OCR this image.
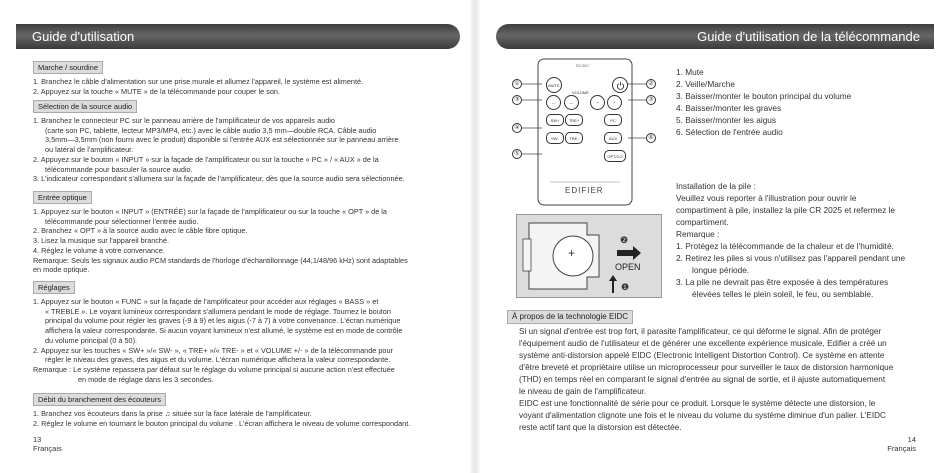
Guide d'utilisation
Marche / sourdine

1. Branchez le câble d'alimentation sur une prise murale et allumez l'appareil, le système est alimenté.

2. Appuyez sur la touche « MUTE » de la télécommande pour couper le son.

Sélection de la source audio

1. Branchez le connecteur PC sur le panneau arrière de l'amplificateur de vos appareils audio

(carte son PC, tablette, lecteur MP3/MP4, etc.) avec le câble audio 3,5 mm—double RCA. Câble audio

3,5mm—3,5mm (non fourni avec le produit) disponible si l'entrée AUX est sélectionnée sur le panneau arrière

ou latéral de l'amplificateur.

2. Appuyez sur le bouton « INPUT » sur la façade de l'amplificateur ou sur la touche « PC » / « AUX » de la

télécommande pour basculer la source audio.

3. L'indicateur correspondant s'allumera sur la façade de l'amplificateur, dès que la source audio sera sélectionnée.

Entrée optique

1. Appuyez sur le bouton « INPUT » (ENTRÉE) sur la façade de l'amplificateur ou sur la touche « OPT » de la

télécommande pour sélectionner l'entrée audio.

2. Branchez « OPT » à la source audio avec le câble fibre optique.

3. Lisez la musique sur l'appareil branché.

4. Réglez le volume à votre convenance.

Remarque: Seuls les signaux audio PCM standards de l'horloge d'échantillonnage (44,1/48/96 kHz) sont adaptables

en mode optique.

Réglages

1. Appuyez sur le bouton « FUNC » sur la façade de l'amplificateur pour accéder aux réglages « BASS » et

« TREBLE ». Le voyant lumineux correspondant s'allumera pendant le mode de réglage. Tournez le bouton

principal du volume pour régler les graves (-9 à 9) et les aigus (-7 à 7) à votre convenance. L'écran numérique

affichera la valeur correspondante. Si aucun voyant lumineux n'est allumé, le système est en mode de contrôle

du volume principal (0 à 50).

2. Appuyez sur les touches « SW+ »/« SW- », « TRE+ »/« TRE- » et « VOLUME +/- » de la télécommande pour

régler le niveau des graves, des aigus et du volume. L'écran numérique affichera la valeur correspondante.

Remarque : Le système repassera par défaut sur le réglage du volume principal si aucune action n'est effectuée

en mode de réglage dans les 3 secondes.

Débit du branchement des écouteurs

1. Branchez vos écouteurs dans la prise ♫ située sur la face latérale de l'amplificateur.

2. Réglez le volume en tournant le bouton principal du volume . L'écran affichera le niveau de volume correspondant.

13
Français
Guide d'utilisation de la télécommande
RC30C
①
③
④
⑤
②
③
⑥
MUTE
VOLUME
—	—	+	+
SW+	TRE+	PC
SW-	TRE-	AUX
OPT/CO
EDIFIER

1. Mute

2. Veille/Marche

3. Baisser/monter le bouton principal du volume

4. Baisser/monter les graves

5. Baisser/monter les aigus

6. Sélection de l'entrée audio

+
❷
OPEN
❶

Installation de la pile :

Veuillez vous reporter à l'illustration pour ouvrir le

compartiment à pile, installez la pile CR 2025 et refermez le

compartiment.

Remarque :

1. Protégez la télécommande de la chaleur et de l'humidité.

2. Retirez les piles si vous n'utilisez pas l'appareil pendant une

longue période.

3. La pile ne devrait pas être exposée à des températures

élevées telles le plein soleil, le feu, ou semblable.

À propos de la technologie EIDC

Si un signal d'entrée est trop fort, il parasite l'amplificateur, ce qui déforme le signal. Afin de protéger

l'équipement audio de l'utilisateur et de générer une excellente expérience musicale, Edifier a créé un

système anti-distorsion appelé EIDC (Electronic Intelligent Distortion Control). Ce système en attente

d'être breveté et propriétaire utilise un microprocesseur pour surveiller le taux de distorsion harmonique

(THD) en temps réel en comparant le signal d'entrée au signal de sortie, et il ajuste automatiquement

le niveau de gain de l'amplificateur.

EIDC est une fonctionnalité de série pour ce produit. Lorsque le système détecte une distorsion, le

voyant d'alimentation clignote une fois et le niveau du volume du système diminue d'un palier. L'EIDC

reste actif tant que la distorsion est détectée.

14
Français
